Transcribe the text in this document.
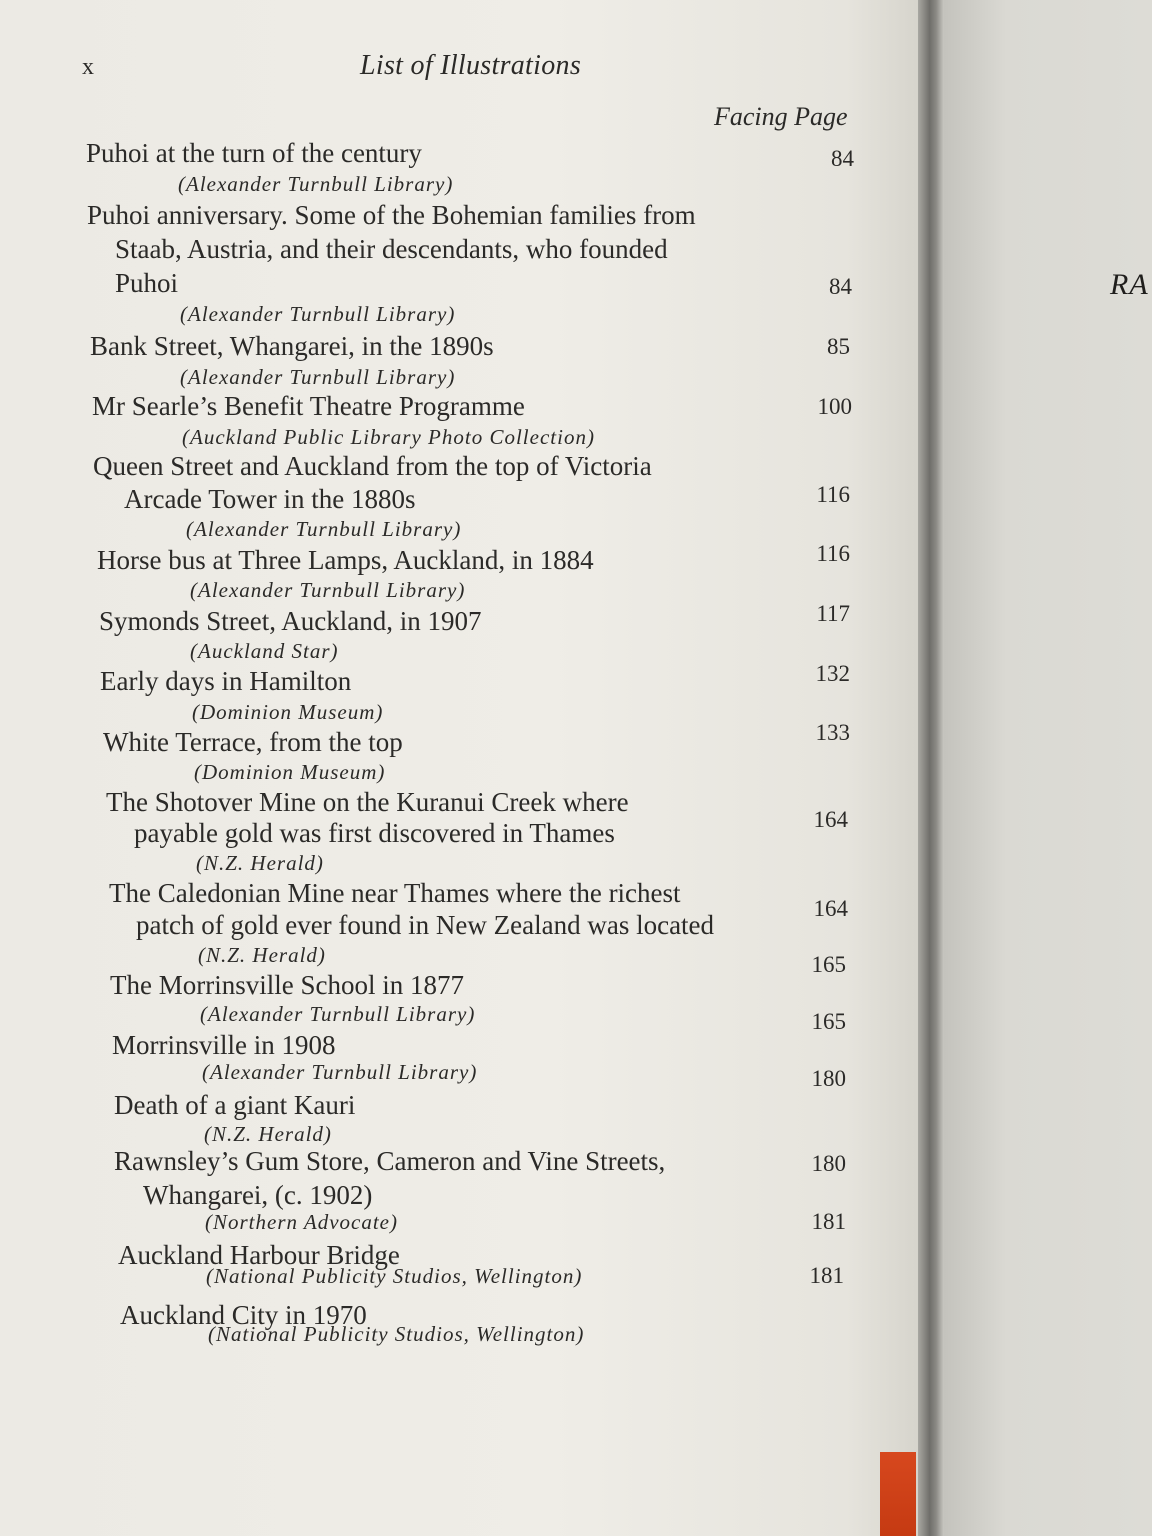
RA
x	List of Illustrations
Facing Page
Puhoi at the turn of the century
(Alexander Turnbull Library)
84
Puhoi anniversary. Some of the Bohemian families from
Staab, Austria, and their descendants, who founded
Puhoi
(Alexander Turnbull Library)
84
Bank Street, Whangarei, in the 1890s
(Alexander Turnbull Library)
85
Mr Searle’s Benefit Theatre Programme
(Auckland Public Library Photo Collection)
100
Queen Street and Auckland from the top of Victoria
Arcade Tower in the 1880s
(Alexander Turnbull Library)
116
Horse bus at Three Lamps, Auckland, in 1884
(Alexander Turnbull Library)
116
Symonds Street, Auckland, in 1907
(Auckland Star)
117
Early days in Hamilton
(Dominion Museum)
132
White Terrace, from the top
(Dominion Museum)
133
The Shotover Mine on the Kuranui Creek where
payable gold was first discovered in Thames
(N.Z. Herald)
164
The Caledonian Mine near Thames where the richest
patch of gold ever found in New Zealand was located
(N.Z. Herald)
164
The Morrinsville School in 1877
(Alexander Turnbull Library)
165
Morrinsville in 1908
(Alexander Turnbull Library)
165
Death of a giant Kauri
(N.Z. Herald)
180
Rawnsley’s Gum Store, Cameron and Vine Streets,
Whangarei, (c. 1902)
(Northern Advocate)
180
Auckland Harbour Bridge
(National Publicity Studios, Wellington)
181
Auckland City in 1970
(National Publicity Studios, Wellington)
181
